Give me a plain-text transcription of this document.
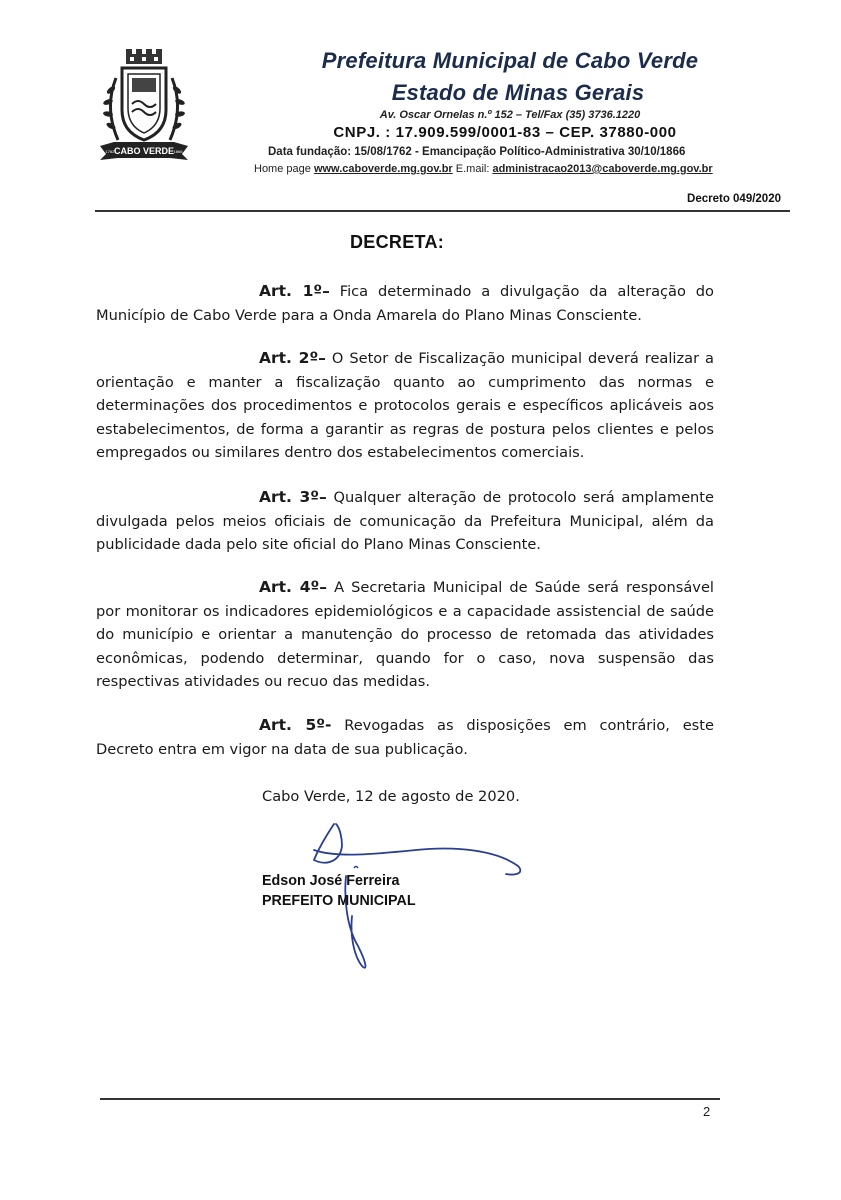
CABO VERDE
1762	1866
Prefeitura Municipal de Cabo Verde
Estado de Minas Gerais
Av. Oscar Ornelas n.º 152 – Tel/Fax (35) 3736.1220
CNPJ. : 17.909.599/0001-83 – CEP. 37880-000
Data fundação: 15/08/1762 - Emancipação Político-Administrativa 30/10/1866
Home page www.caboverde.mg.gov.br E.mail: administracao2013@caboverde.mg.gov.br
Decreto 049/2020
DECRETA:
Art. 1º– Fica determinado a divulgação da alteração do Município de Cabo Verde para a Onda Amarela do Plano Minas Consciente.
Art. 2º– O Setor de Fiscalização municipal deverá realizar a orientação e manter a fiscalização quanto ao cumprimento das normas e determinações dos procedimentos e protocolos gerais e específicos aplicáveis aos estabelecimentos, de forma a garantir as regras de postura pelos clientes e pelos empregados ou similares dentro dos estabelecimentos comerciais.
Art. 3º– Qualquer alteração de protocolo será amplamente divulgada pelos meios oficiais de comunicação da Prefeitura Municipal, além da publicidade dada pelo site oficial do Plano Minas Consciente.
Art. 4º– A Secretaria Municipal de Saúde será responsável por monitorar os indicadores epidemiológicos e a capacidade assistencial de saúde do município e orientar a manutenção do processo de retomada das atividades econômicas, podendo determinar, quando for o caso, nova suspensão das respectivas atividades ou recuo das medidas.
Art. 5º- Revogadas as disposições em contrário, este Decreto entra em vigor na data de sua publicação.
Cabo Verde, 12 de agosto de 2020.
Edson José Ferreira
PREFEITO MUNICIPAL
2
